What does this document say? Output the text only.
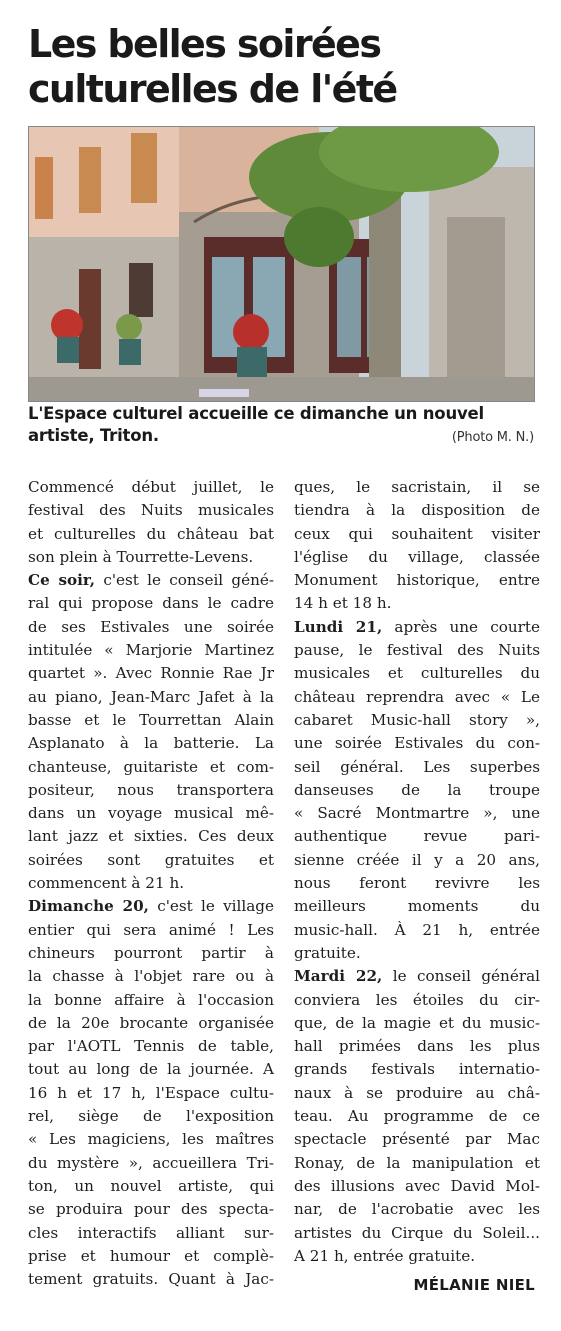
Les belles soirées
culturelles de l'été
L'Espace culturel accueille ce dimanche un nouvel
artiste, Triton.	(Photo M. N.)
Commencé début juillet, le
festival des Nuits musicales
et culturelles du château bat
son plein à Tourrette-Levens.
Ce soir, c'est le conseil géné-
ral qui propose dans le cadre
de ses Estivales une soirée
intitulée « Marjorie Martinez
quartet ». Avec Ronnie Rae Jr
au piano, Jean-Marc Jafet à la
basse et le Tourrettan Alain
Asplanato à la batterie. La
chanteuse, guitariste et com-
positeur, nous transportera
dans un voyage musical mê-
lant jazz et sixties. Ces deux
soirées sont gratuites et
commencent à 21 h.
Dimanche 20, c'est le village
entier qui sera animé ! Les
chineurs pourront partir à
la chasse à l'objet rare ou à
la bonne affaire à l'occasion
de la 20e brocante organisée
par l'AOTL Tennis de table,
tout au long de la journée. A
16 h et 17 h, l'Espace cultu-
rel, siège de l'exposition
« Les magiciens, les maîtres
du mystère », accueillera Tri-
ton, un nouvel artiste, qui
se produira pour des specta-
cles interactifs alliant sur-
prise et humour et complè-
tement gratuits. Quant à Jac-
ques, le sacristain, il se
tiendra à la disposition de
ceux qui souhaitent visiter
l'église du village, classée
Monument historique, entre
14 h et 18 h.
Lundi 21, après une courte
pause, le festival des Nuits
musicales et culturelles du
château reprendra avec « Le
cabaret Music-hall story »,
une soirée Estivales du con-
seil général. Les superbes
danseuses de la troupe
« Sacré Montmartre », une
authentique revue pari-
sienne créée il y a 20 ans,
nous feront revivre les
meilleurs moments du
music-hall. À 21 h, entrée
gratuite.
Mardi 22, le conseil général
conviera les étoiles du cir-
que, de la magie et du music-
hall primées dans les plus
grands festivals internatio-
naux à se produire au châ-
teau. Au programme de ce
spectacle présenté par Mac
Ronay, de la manipulation et
des illusions avec David Mol-
nar, de l'acrobatie avec les
artistes du Cirque du Soleil...
A 21 h, entrée gratuite.
MÉLANIE NIEL
